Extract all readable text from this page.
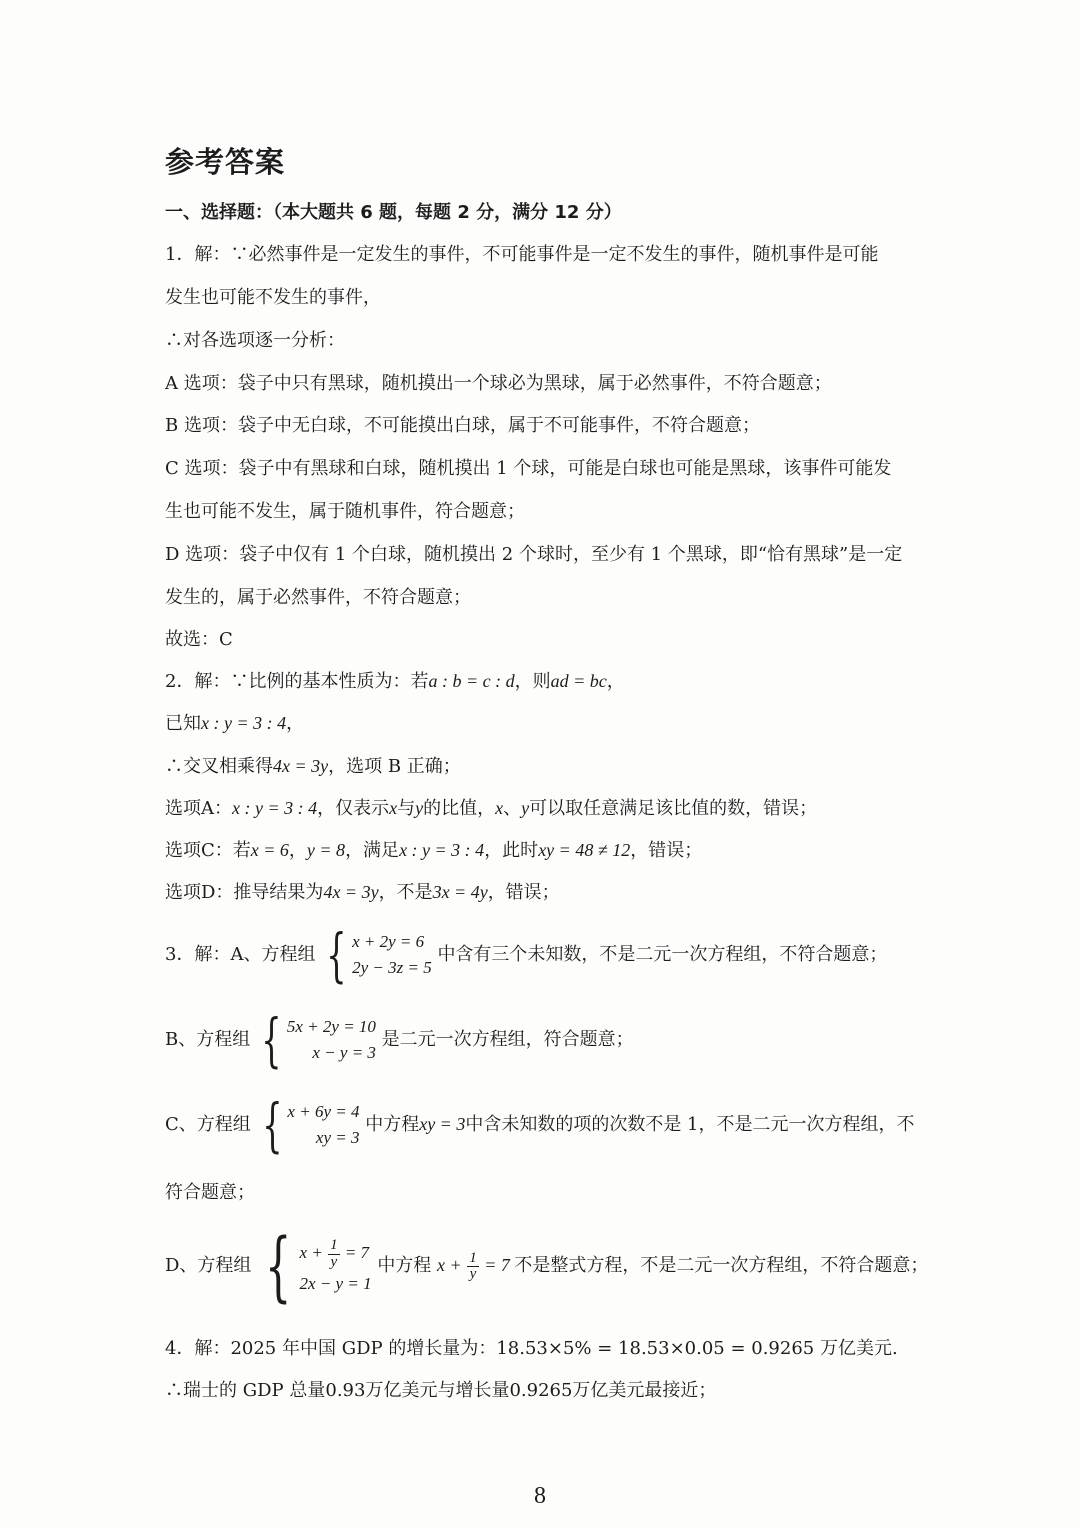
参考答案
一、选择题：（本大题共 6 题，每题 2 分，满分 12 分）
1．解：∵必然事件是一定发生的事件，不可能事件是一定不发生的事件，随机事件是可能
发生也可能不发生的事件，
∴对各选项逐一分析：
A 选项：袋子中只有黑球，随机摸出一个球必为黑球，属于必然事件，不符合题意；
B 选项：袋子中无白球，不可能摸出白球，属于不可能事件，不符合题意；
C 选项：袋子中有黑球和白球，随机摸出 1 个球，可能是白球也可能是黑球，该事件可能发
生也可能不发生，属于随机事件，符合题意；
D 选项：袋子中仅有 1 个白球，随机摸出 2 个球时，至少有 1 个黑球，即“恰有黑球”是一定
发生的，属于必然事件，不符合题意；
故选：C
2．解：∵比例的基本性质为：若a : b = c : d，则ad = bc，
已知x : y = 3 : 4，
∴交叉相乘得4x = 3y，选项 B 正确；
选项A：x : y = 3 : 4，仅表示x与y的比值，x、y可以取任意满足该比值的数，错误；
选项C：若x = 6，y = 8，满足x : y = 3 : 4，此时xy = 48 ≠ 12，错误；
选项D：推导结果为4x = 3y，不是3x = 4y，错误；
3．解：A、方程组 { x + 2y = 6
2y − 3z = 5
中含有三个未知数，不是二元一次方程组，不符合题意；
B、方程组 { 5x + 2y = 10
x − y = 3
是二元一次方程组，符合题意；
C、方程组 { x + 6y = 4
xy = 3
中方程xy = 3中含未知数的项的次数不是 1，不是二元一次方程组，不
符合题意；
D、方程组 { $x + \frac{1}{y} = 7$
2x − y = 1
中方程 $x + \frac{1}{y} = 7$ 不是整式方程，不是二元一次方程组，不符合题意；
4．解：2025 年中国 GDP 的增长量为：18.53×5% = 18.53×0.05 = 0.9265 万亿美元.
∴瑞士的 GDP 总量0.93万亿美元与增长量0.9265万亿美元最接近；
8
